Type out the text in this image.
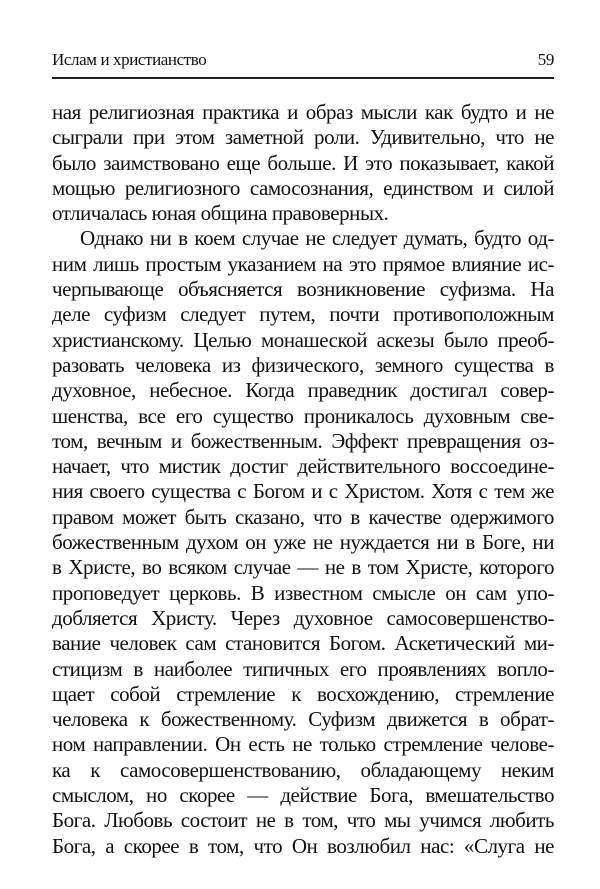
Ислам и христианство	59
ная религиозная практика и образ мысли как будто и не
сыграли при этом заметной роли. Удивительно, что не
было заимствовано еще больше. И это показывает, какой
мощью религиозного самосознания, единством и силой
отличалась юная община правоверных.
Однако ни в коем случае не следует думать, будто од-
ним лишь простым указанием на это прямое влияние ис-
черпывающе объясняется возникновение суфизма. На
деле суфизм следует путем, почти противоположным
христианскому. Целью монашеской аскезы было преоб-
разовать человека из физического, земного существа в
духовное, небесное. Когда праведник достигал совер-
шенства, все его существо проникалось духовным све-
том, вечным и божественным. Эффект превращения оз-
начает, что мистик достиг действительного воссоедине-
ния своего существа с Богом и с Христом. Хотя с тем же
правом может быть сказано, что в качестве одержимого
божественным духом он уже не нуждается ни в Боге, ни
в Христе, во всяком случае — не в том Христе, которого
проповедует церковь. В известном смысле он сам упо-
добляется Христу. Через духовное самосовершенство-
вание человек сам становится Богом. Аскетический ми-
стицизм в наиболее типичных его проявлениях вопло-
щает собой стремление к восхождению, стремление
человека к божественному. Суфизм движется в обрат-
ном направлении. Он есть не только стремление челове-
ка к самосовершенствованию, обладающему неким
смыслом, но скорее — действие Бога, вмешательство
Бога. Любовь состоит не в том, что мы учимся любить
Бога, а скорее в том, что Он возлюбил нас: «Слуга не
